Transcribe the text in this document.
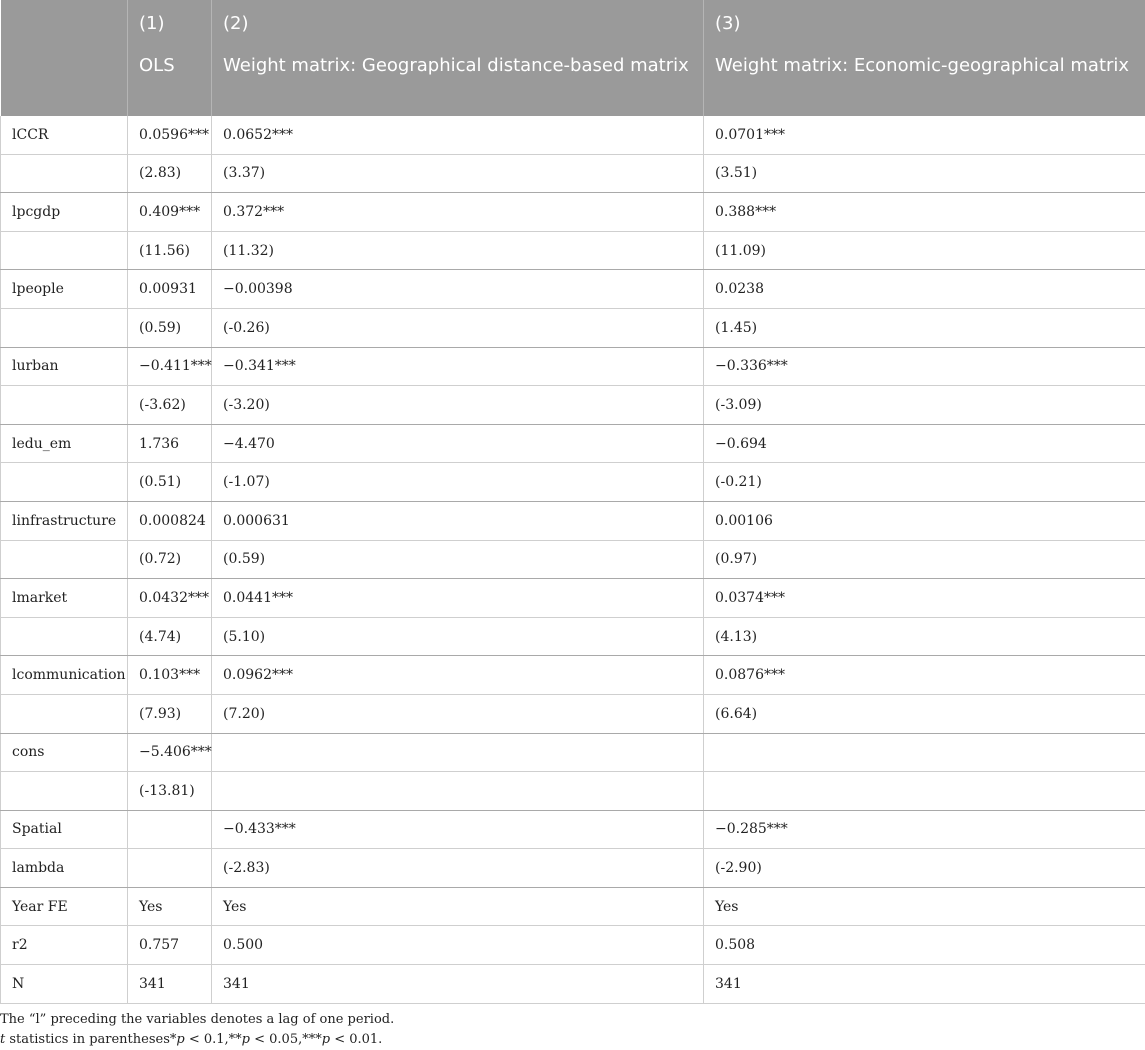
	(1)	(2)	(3)
	OLS	Weight matrix: Geographical distance-based matrix	Weight matrix: Economic-geographical matrix
lCCR	0.0596***	0.0652***	0.0701***
	(2.83)	(3.37)	(3.51)
lpcgdp	0.409***	0.372***	0.388***
	(11.56)	(11.32)	(11.09)
lpeople	0.00931	−0.00398	0.0238
	(0.59)	(-0.26)	(1.45)
lurban	−0.411***	−0.341***	−0.336***
	(-3.62)	(-3.20)	(-3.09)
ledu_em	1.736	−4.470	−0.694
	(0.51)	(-1.07)	(-0.21)
linfrastructure	0.000824	0.000631	0.00106
	(0.72)	(0.59)	(0.97)
lmarket	0.0432***	0.0441***	0.0374***
	(4.74)	(5.10)	(4.13)
lcommunication	0.103***	0.0962***	0.0876***
	(7.93)	(7.20)	(6.64)
cons	−5.406***		
	(-13.81)		
Spatial		−0.433***	−0.285***
lambda		(-2.83)	(-2.90)
Year FE	Yes	Yes	Yes
r2	0.757	0.500	0.508
N	341	341	341

The “l” preceding the variables denotes a lag of one period.

t statistics in parentheses*p < 0.1,**p < 0.05,***p < 0.01.
